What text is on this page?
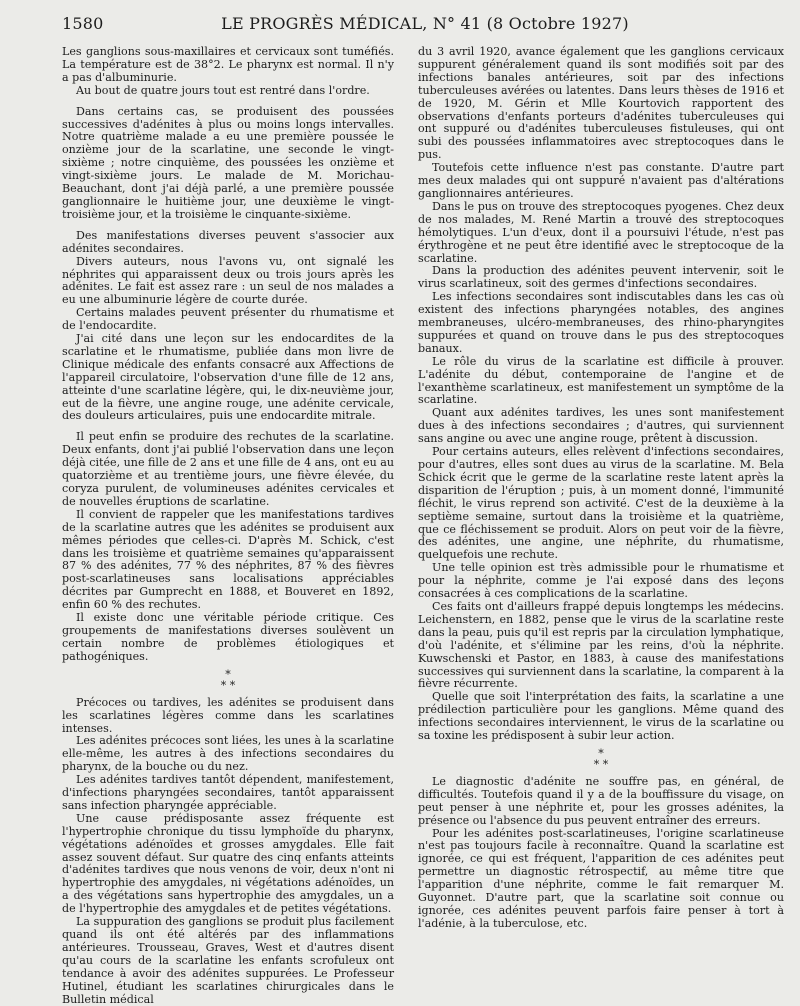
1580	LE PROGRÈS MÉDICAL, N° 41 (8 Octobre 1927)

Les ganglions sous-maxillaires et cervicaux sont tuméfiés. La température est de 38°2. Le pharynx est normal. Il n'y a pas d'albuminurie.

Au bout de quatre jours tout est rentré dans l'ordre.

Dans certains cas, se produisent des poussées successives d'adénites à plus ou moins longs intervalles. Notre quatrième malade a eu une première poussée le onzième jour de la scarlatine, une seconde le vingt-sixième ; notre cinquième, des poussées les onzième et vingt-sixième jours. Le malade de M. Morichau-Beauchant, dont j'ai déjà parlé, a une première poussée ganglionnaire le huitième jour, une deuxième le vingt-troisième jour, et la troisième le cinquante-sixième.

Des manifestations diverses peuvent s'associer aux adénites secondaires.

Divers auteurs, nous l'avons vu, ont signalé les néphrites qui apparaissent deux ou trois jours après les adénites. Le fait est assez rare : un seul de nos malades a eu une albuminurie légère de courte durée.

Certains malades peuvent présenter du rhumatisme et de l'endocardite.

J'ai cité dans une leçon sur les endocardites de la scarlatine et le rhumatisme, publiée dans mon livre de Clinique médicale des enfants consacré aux Affections de l'appareil circulatoire, l'observation d'une fille de 12 ans, atteinte d'une scarlatine légère, qui, le dix-neuvième jour, eut de la fièvre, une angine rouge, une adénite cervicale, des douleurs articulaires, puis une endocardite mitrale.

Il peut enfin se produire des rechutes de la scarlatine. Deux enfants, dont j'ai publié l'observation dans une leçon déjà citée, une fille de 2 ans et une fille de 4 ans, ont eu au quatorzième et au trentième jours, une fièvre élevée, du coryza purulent, de volumineuses adénites cervicales et de nouvelles éruptions de scarlatine.

Il convient de rappeler que les manifestations tardives de la scarlatine autres que les adénites se produisent aux mêmes périodes que celles-ci. D'après M. Schick, c'est dans les troisième et quatrième semaines qu'apparaissent 87 % des adénites, 77 % des néphrites, 87 % des fièvres post-scarlatineuses sans localisations appréciables décrites par Gumprecht en 1888, et Bouveret en 1892, enfin 60 % des rechutes.

Il existe donc une véritable période critique. Ces groupements de manifestations diverses soulèvent un certain nombre de problèmes étiologiques et pathogéniques.

*
* *

Précoces ou tardives, les adénites se produisent dans les scarlatines légères comme dans les scarlatines intenses.

Les adénites précoces sont liées, les unes à la scarlatine elle-même, les autres à des infections secondaires du pharynx, de la bouche ou du nez.

Les adénites tardives tantôt dépendent, manifestement, d'infections pharyngées secondaires, tantôt apparaissent sans infection pharyngée appréciable.

Une cause prédisposante assez fréquente est l'hypertrophie chronique du tissu lymphoïde du pharynx, végétations adénoïdes et grosses amygdales. Elle fait assez souvent défaut. Sur quatre des cinq enfants atteints d'adénites tardives que nous venons de voir, deux n'ont ni hypertrophie des amygdales, ni végétations adénoïdes, un a des végétations sans hypertrophie des amygdales, un a de l'hypertrophie des amygdales et de petites végétations.

La suppuration des ganglions se produit plus facilement quand ils ont été altérés par des inflammations antérieures. Trousseau, Graves, West et d'autres disent qu'au cours de la scarlatine les enfants scrofuleux ont tendance à avoir des adénites suppurées. Le Professeur Hutinel, étudiant les scarlatines chirurgicales dans le Bulletin médical

du 3 avril 1920, avance également que les ganglions cervicaux suppurent généralement quand ils sont modifiés soit par des infections banales antérieures, soit par des infections tuberculeuses avérées ou latentes. Dans leurs thèses de 1916 et de 1920, M. Gérin et Mlle Kourtovich rapportent des observations d'enfants porteurs d'adénites tuberculeuses qui ont suppuré ou d'adénites tuberculeuses fistuleuses, qui ont subi des poussées inflammatoires avec streptocoques dans le pus.

Toutefois cette influence n'est pas constante. D'autre part mes deux malades qui ont suppuré n'avaient pas d'altérations ganglionnaires antérieures.

Dans le pus on trouve des streptocoques pyogenes. Chez deux de nos malades, M. René Martin a trouvé des streptocoques hémolytiques. L'un d'eux, dont il a poursuivi l'étude, n'est pas érythrogène et ne peut être identifié avec le streptocoque de la scarlatine.

Dans la production des adénites peuvent intervenir, soit le virus scarlatineux, soit des germes d'infections secondaires.

Les infections secondaires sont indiscutables dans les cas où existent des infections pharyngées notables, des angines membraneuses, ulcéro-membraneuses, des rhino-pharyngites suppurées et quand on trouve dans le pus des streptocoques banaux.

Le rôle du virus de la scarlatine est difficile à prouver. L'adénite du début, contemporaine de l'angine et de l'exanthème scarlatineux, est manifestement un symptôme de la scarlatine.

Quant aux adénites tardives, les unes sont manifestement dues à des infections secondaires ; d'autres, qui surviennent sans angine ou avec une angine rouge, prêtent à discussion.

Pour certains auteurs, elles relèvent d'infections secondaires, pour d'autres, elles sont dues au virus de la scarlatine. M. Bela Schick écrit que le germe de la scarlatine reste latent après la disparition de l'éruption ; puis, à un moment donné, l'immunité fléchit, le virus reprend son activité. C'est de la deuxième à la septième semaine, surtout dans la troisième et la quatrième, que ce fléchissement se produit. Alors on peut voir de la fièvre, des adénites, une angine, une néphrite, du rhumatisme, quelquefois une rechute.

Une telle opinion est très admissible pour le rhumatisme et pour la néphrite, comme je l'ai exposé dans des leçons consacrées à ces complications de la scarlatine.

Ces faits ont d'ailleurs frappé depuis longtemps les médecins. Leichenstern, en 1882, pense que le virus de la scarlatine reste dans la peau, puis qu'il est repris par la circulation lymphatique, d'où l'adénite, et s'élimine par les reins, d'où la néphrite. Kuwschenski et Pastor, en 1883, à cause des manifestations successives qui surviennent dans la scarlatine, la comparent à la fièvre récurrente.

Quelle que soit l'interprétation des faits, la scarlatine a une prédilection particulière pour les ganglions. Même quand des infections secondaires interviennent, le virus de la scarlatine ou sa toxine les prédisposent à subir leur action.

*
* *

Le diagnostic d'adénite ne souffre pas, en général, de difficultés. Toutefois quand il y a de la bouffissure du visage, on peut penser à une néphrite et, pour les grosses adénites, la présence ou l'absence du pus peuvent entraîner des erreurs.

Pour les adénites post-scarlatineuses, l'origine scarlatineuse n'est pas toujours facile à reconnaître. Quand la scarlatine est ignorée, ce qui est fréquent, l'apparition de ces adénites peut permettre un diagnostic rétrospectif, au même titre que l'apparition d'une néphrite, comme le fait remarquer M. Guyonnet. D'autre part, que la scarlatine soit connue ou ignorée, ces adénites peuvent parfois faire penser à tort à l'adénie, à la tuberculose, etc.
